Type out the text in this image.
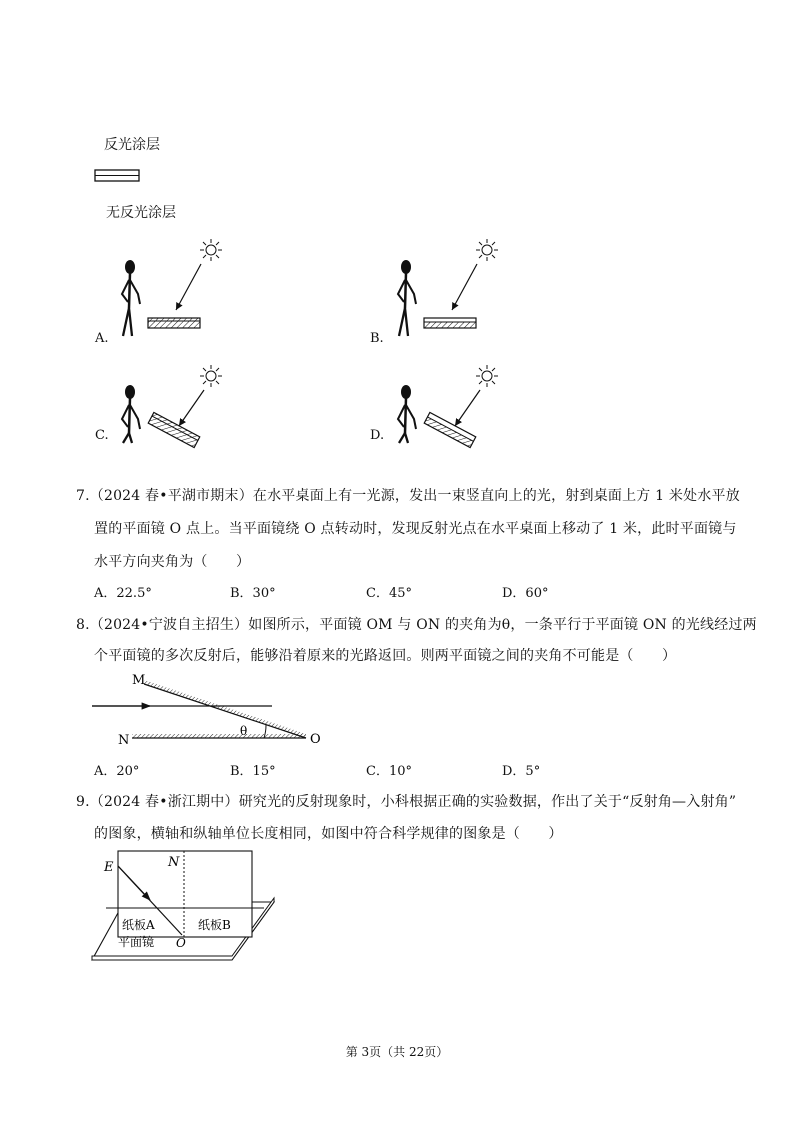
反光涂层
无反光涂层
A.	B.
C.	D.
7.（2024 春•平湖市期末）在水平桌面上有一光源，发出一束竖直向上的光，射到桌面上方 1 米处水平放
置的平面镜 O 点上。当平面镜绕 O 点转动时，发现反射光点在水平桌面上移动了 1 米，此时平面镜与
水平方向夹角为（　　）
A．22.5°	B．30°	C．45°	D．60°
8.（2024•宁波自主招生）如图所示，平面镜 OM 与 ON 的夹角为θ，一条平行于平面镜 ON 的光线经过两
个平面镜的多次反射后，能够沿着原来的光路返回。则两平面镜之间的夹角不可能是（　　）
M
N	O
θ
A．20°	B．15°	C．10°	D．5°
9.（2024 春•浙江期中）研究光的反射现象时，小科根据正确的实验数据，作出了关于“反射角—入射角”
的图象，横轴和纵轴单位长度相同，如图中符合科学规律的图象是（　　）
E	N
纸板A	纸板B
平面镜 O
第 3页（共 22页）
